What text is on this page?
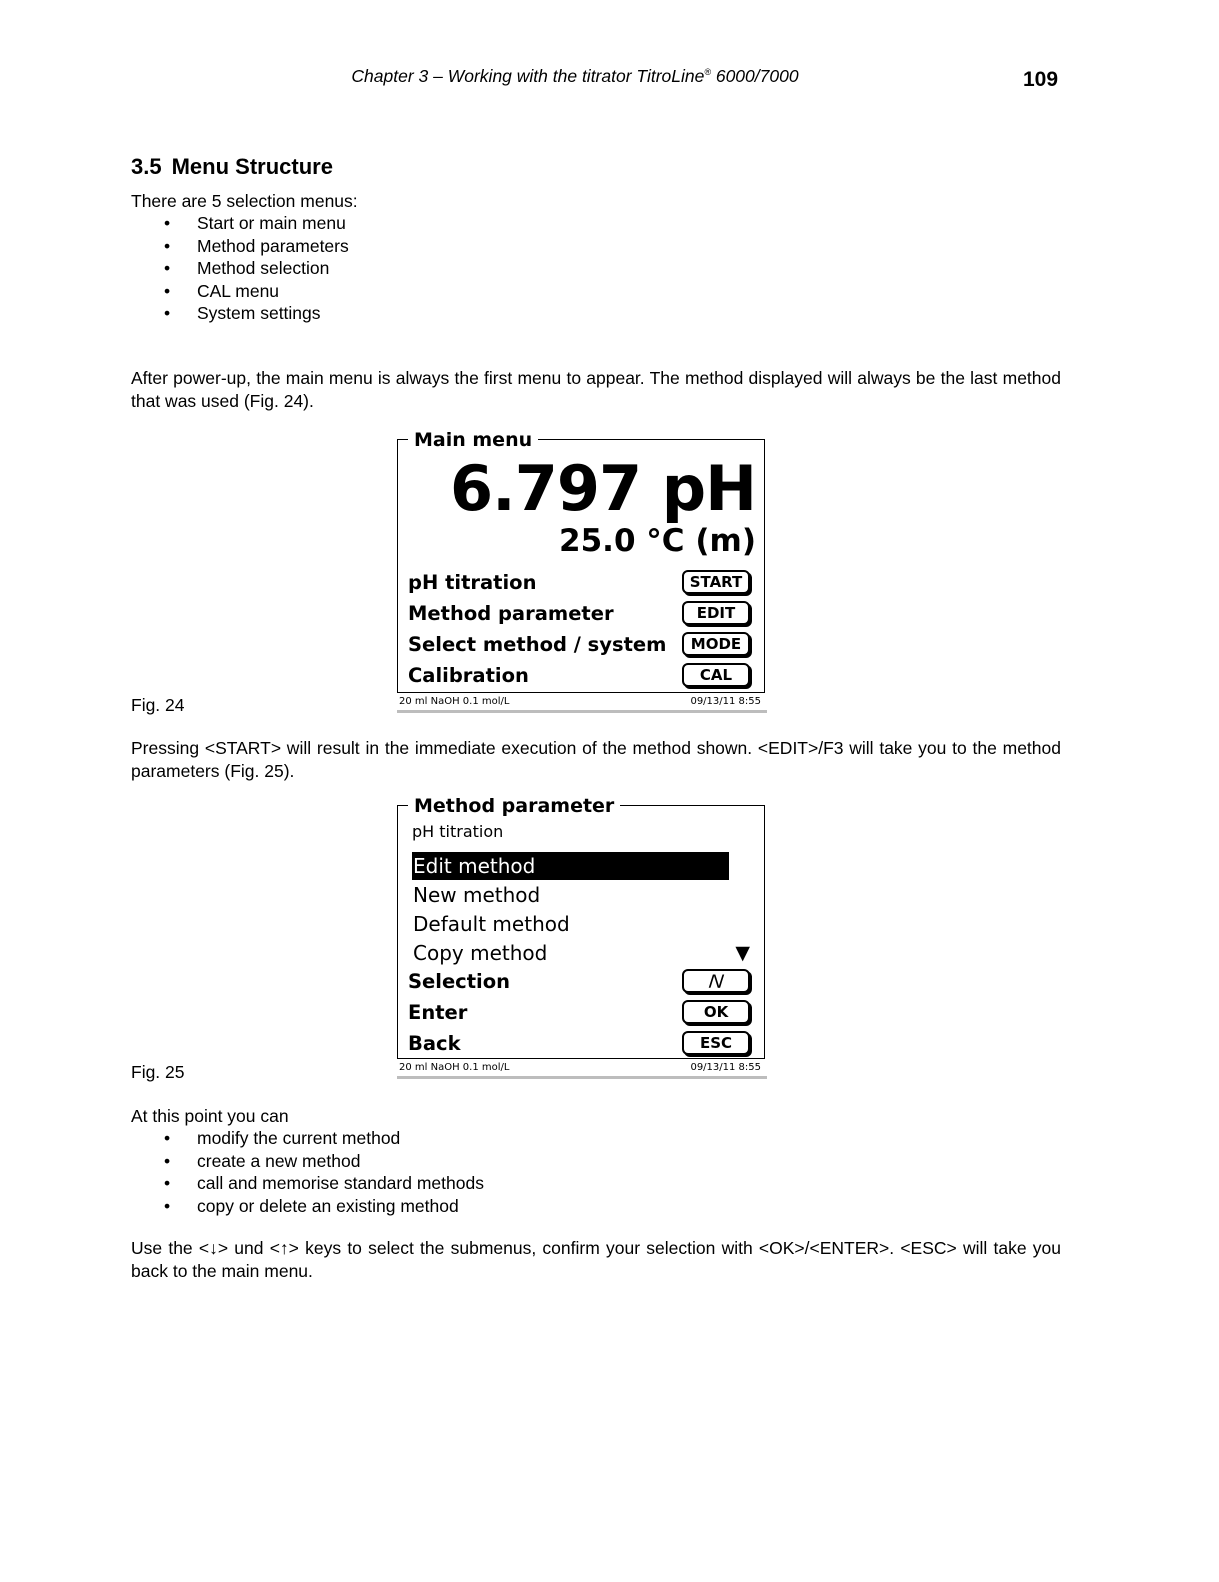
Chapter 3 – Working with the titrator TitroLine® 6000/7000	109
3.5 Menu Structure
There are 5 selection menus:
• Start or main menu
• Method parameters
• Method selection
• CAL menu
• System settings
After power-up, the main menu is always the first menu to appear. The method displayed will always be the last method that was used (Fig. 24).
Main menu
6.797 pH
25.0 °C (m)
pH titration	START
Method parameter	EDIT
Select method / system	MODE
Calibration	CAL
20 ml NaOH 0.1 mol/L	09/13/11 8:55
Fig. 24
Pressing <START> will result in the immediate execution of the method shown. <EDIT>/F3 will take you to the method parameters (Fig. 25).
Method parameter
pH titration
Edit method
New method
Default method
Copy method	▼
Selection	/\/
Enter	OK
Back	ESC
20 ml NaOH 0.1 mol/L	09/13/11 8:55
Fig. 25
At this point you can
• modify the current method
• create a new method
• call and memorise standard methods
• copy or delete an existing method
Use the <↓> und <↑> keys to select the submenus, confirm your selection with <OK>/<ENTER>. <ESC> will take you back to the main menu.
